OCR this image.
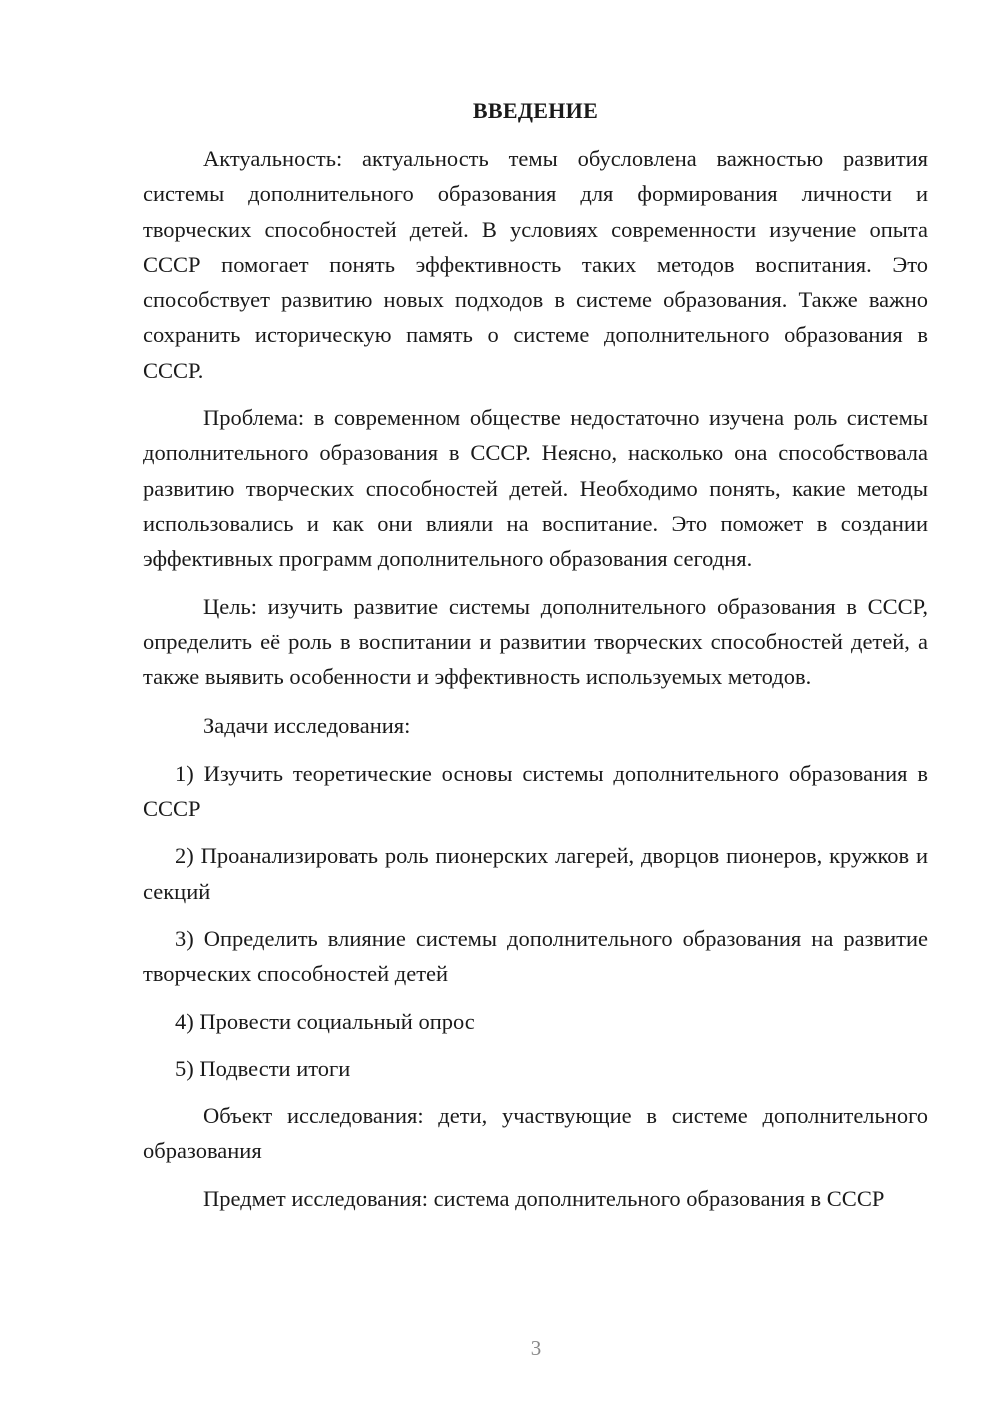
ВВЕДЕНИЕ

Актуальность: актуальность темы обусловлена важностью развития системы дополнительного образования для формирования личности и творческих способностей детей. В условиях современности изучение опыта СССР помогает понять эффективность таких методов воспитания. Это способствует развитию новых подходов в системе образования. Также важно сохранить историческую память о системе дополнительного образования в СССР.

Проблема: в современном обществе недостаточно изучена роль системы дополнительного образования в СССР. Неясно, насколько она способствовала развитию творческих способностей детей. Необходимо понять, какие методы использовались и как они влияли на воспитание. Это поможет в создании эффективных программ дополнительного образования сегодня.

Цель: изучить развитие системы дополнительного образования в СССР, определить её роль в воспитании и развитии творческих способностей детей, а также выявить особенности и эффективность используемых методов.

Задачи исследования:

1) Изучить теоретические основы системы дополнительного образования в СССР

2) Проанализировать роль пионерских лагерей, дворцов пионеров, кружков и секций

3) Определить влияние системы дополнительного образования на развитие творческих способностей детей

4) Провести социальный опрос

5) Подвести итоги

Объект исследования: дети, участвующие в системе дополнительного образования

Предмет исследования: система дополнительного образования в СССР

3
